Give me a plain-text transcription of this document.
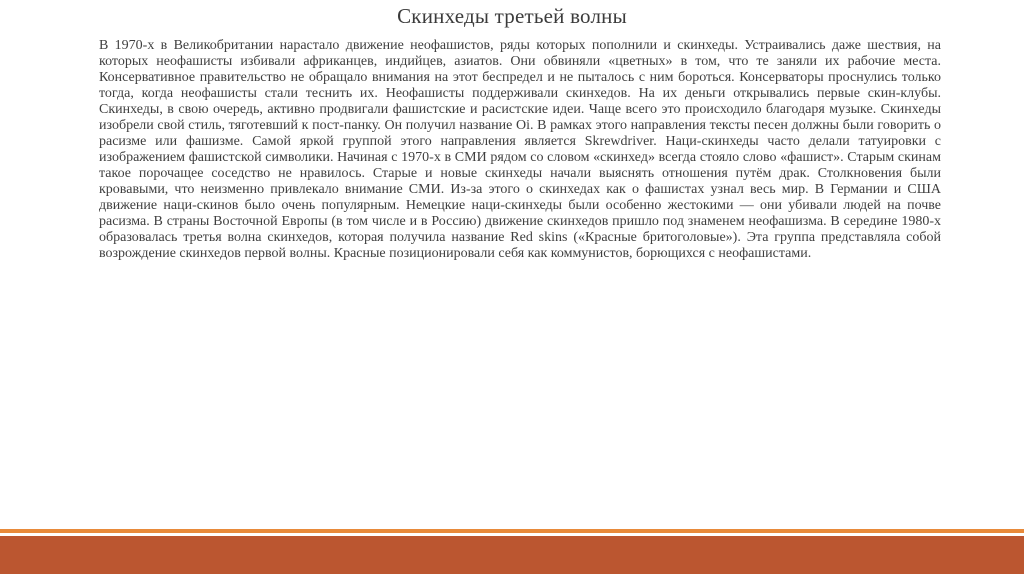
Скинхеды третьей волны

В 1970-х в Великобритании нарастало движение неофашистов, ряды которых пополнили и скинхеды. Устраивались даже шествия, на которых неофашисты избивали африканцев, индийцев, азиатов. Они обвиняли «цветных» в том, что те заняли их рабочие места. Консервативное правительство не обращало внимания на этот беспредел и не пыталось с ним бороться. Консерваторы проснулись только тогда, когда неофашисты стали теснить их. Неофашисты поддерживали скинхедов. На их деньги открывались первые скин-клубы. Скинхеды, в свою очередь, активно продвигали фашистские и расистские идеи. Чаще всего это происходило благодаря музыке. Скинхеды изобрели свой стиль, тяготевший к пост-панку. Он получил название Oi. В рамках этого направления тексты песен должны были говорить о расизме или фашизме. Самой яркой группой этого направления является Skrewdriver. Наци-скинхеды часто делали татуировки с изображением фашистской символики. Начиная с 1970-х в СМИ рядом со словом «скинхед» всегда стояло слово «фашист». Старым скинам такое порочащее соседство не нравилось. Старые и новые скинхеды начали выяснять отношения путём драк. Столкновения были кровавыми, что неизменно привлекало внимание СМИ. Из-за этого о скинхедах как о фашистах узнал весь мир. В Германии и США движение наци-скинов было очень популярным. Немецкие наци-скинхеды были особенно жестокими — они убивали людей на почве расизма. В страны Восточной Европы (в том числе и в Россию) движение скинхедов пришло под знаменем неофашизма. В середине 1980-х образовалась третья волна скинхедов, которая получила название Red skins («Красные бритоголовые»). Эта группа представляла собой возрождение скинхедов первой волны. Красные позиционировали себя как коммунистов, борющихся с неофашистами.
